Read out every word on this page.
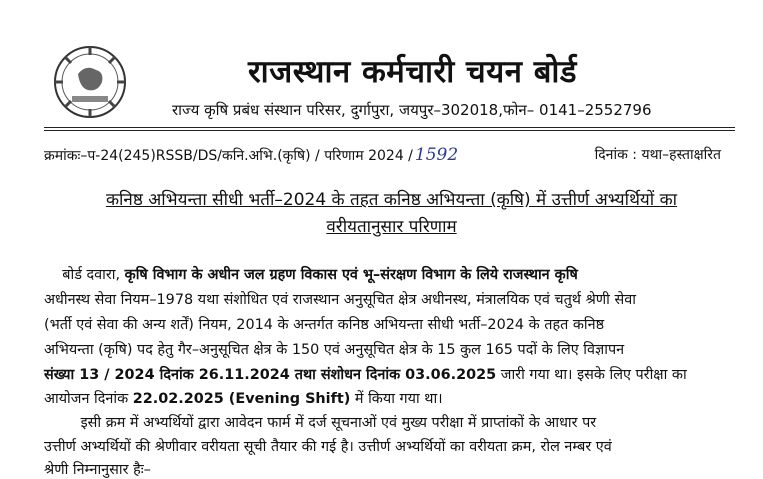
राजस्थान कर्मचारी चयन बोर्ड
राज्य कृषि प्रबंध संस्थान परिसर, दुर्गापुरा, जयपुर–302018,फोन– 0141–2552796
क्रमांकः–प-24(245)RSSB/DS/कनि.अभि.(कृषि) / परिणाम 2024 / 1592	दिनांक : यथा–हस्ताक्षरित
कनिष्ठ अभियन्ता सीधी भर्ती–2024 के तहत कनिष्ठ अभियन्ता (कृषि) में उत्तीर्ण अभ्यर्थियों का
वरीयतानुसार परिणाम
बोर्ड दवारा, कृषि विभाग के अधीन जल ग्रहण विकास एवं भू–संरक्षण विभाग के लिये राजस्थान कृषि
अधीनस्थ सेवा नियम–1978 यथा संशोधित एवं राजस्थान अनुसूचित क्षेत्र अधीनस्थ, मंत्रालयिक एवं चतुर्थ श्रेणी सेवा
(भर्ती एवं सेवा की अन्य शर्तें) नियम, 2014 के अन्तर्गत कनिष्ठ अभियन्ता सीधी भर्ती–2024 के तहत कनिष्ठ
अभियन्ता (कृषि) पद हेतु गैर–अनुसूचित क्षेत्र के 150 एवं अनुसूचित क्षेत्र के 15 कुल 165 पदों के लिए विज्ञापन
संख्या 13 / 2024 दिनांक 26.11.2024 तथा संशोधन दिनांक 03.06.2025 जारी गया था। इसके लिए परीक्षा का
आयोजन दिनांक 22.02.2025 (Evening Shift) में किया गया था।
इसी क्रम में अभ्यर्थियों द्वारा आवेदन फार्म में दर्ज सूचनाओं एवं मुख्य परीक्षा में प्राप्तांकों के आधार पर
उत्तीर्ण अभ्यर्थियों की श्रेणीवार वरीयता सूची तैयार की गई है। उत्तीर्ण अभ्यर्थियों का वरीयता क्रम, रोल नम्बर एवं
श्रेणी निम्नानुसार हैः–
